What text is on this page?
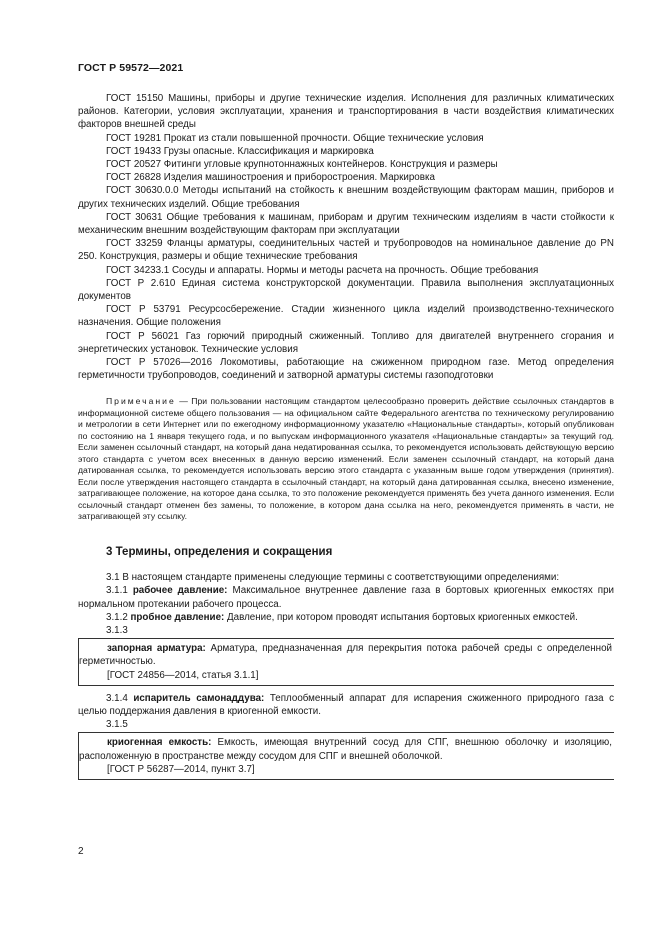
ГОСТ Р 59572—2021

ГОСТ 15150 Машины, приборы и другие технические изделия. Исполнения для различных климатических районов. Категории, условия эксплуатации, хранения и транспортирования в части воздействия климатических факторов внешней среды

ГОСТ 19281 Прокат из стали повышенной прочности. Общие технические условия

ГОСТ 19433 Грузы опасные. Классификация и маркировка

ГОСТ 20527 Фитинги угловые крупнотоннажных контейнеров. Конструкция и размеры

ГОСТ 26828 Изделия машиностроения и приборостроения. Маркировка

ГОСТ 30630.0.0 Методы испытаний на стойкость к внешним воздействующим факторам машин, приборов и других технических изделий. Общие требования

ГОСТ 30631 Общие требования к машинам, приборам и другим техническим изделиям в части стойкости к механическим внешним воздействующим факторам при эксплуатации

ГОСТ 33259 Фланцы арматуры, соединительных частей и трубопроводов на номинальное давление до PN 250. Конструкция, размеры и общие технические требования

ГОСТ 34233.1 Сосуды и аппараты. Нормы и методы расчета на прочность. Общие требования

ГОСТ Р 2.610 Единая система конструкторской документации. Правила выполнения эксплуатационных документов

ГОСТ Р 53791 Ресурсосбережение. Стадии жизненного цикла изделий производственно-технического назначения. Общие положения

ГОСТ Р 56021 Газ горючий природный сжиженный. Топливо для двигателей внутреннего сгорания и энергетических установок. Технические условия

ГОСТ Р 57026—2016 Локомотивы, работающие на сжиженном природном газе. Метод определения герметичности трубопроводов, соединений и затворной арматуры системы газоподготовки

Примечание — При пользовании настоящим стандартом целесообразно проверить действие ссылочных стандартов в информационной системе общего пользования — на официальном сайте Федерального агентства по техническому регулированию и метрологии в сети Интернет или по ежегодному информационному указателю «Национальные стандарты», который опубликован по состоянию на 1 января текущего года, и по выпускам информационного указателя «Национальные стандарты» за текущий год. Если заменен ссылочный стандарт, на который дана недатированная ссылка, то рекомендуется использовать действующую версию этого стандарта с учетом всех внесенных в данную версию изменений. Если заменен ссылочный стандарт, на который дана датированная ссылка, то рекомендуется использовать версию этого стандарта с указанным выше годом утверждения (принятия). Если после утверждения настоящего стандарта в ссылочный стандарт, на который дана датированная ссылка, внесено изменение, затрагивающее положение, на которое дана ссылка, то это положение рекомендуется применять без учета данного изменения. Если ссылочный стандарт отменен без замены, то положение, в котором дана ссылка на него, рекомендуется применять в части, не затрагивающей эту ссылку.

3 Термины, определения и сокращения

3.1 В настоящем стандарте применены следующие термины с соответствующими определениями:

3.1.1 рабочее давление: Максимальное внутреннее давление газа в бортовых криогенных емкостях при нормальном протекании рабочего процесса.

3.1.2 пробное давление: Давление, при котором проводят испытания бортовых криогенных емкостей.

3.1.3

запорная арматура: Арматура, предназначенная для перекрытия потока рабочей среды с определенной герметичностью.

[ГОСТ 24856—2014, статья 3.1.1]

3.1.4 испаритель самонаддува: Теплообменный аппарат для испарения сжиженного природного газа с целью поддержания давления в криогенной емкости.

3.1.5

криогенная емкость: Емкость, имеющая внутренний сосуд для СПГ, внешнюю оболочку и изоляцию, расположенную в пространстве между сосудом для СПГ и внешней оболочкой.

[ГОСТ Р 56287—2014, пункт 3.7]

2
